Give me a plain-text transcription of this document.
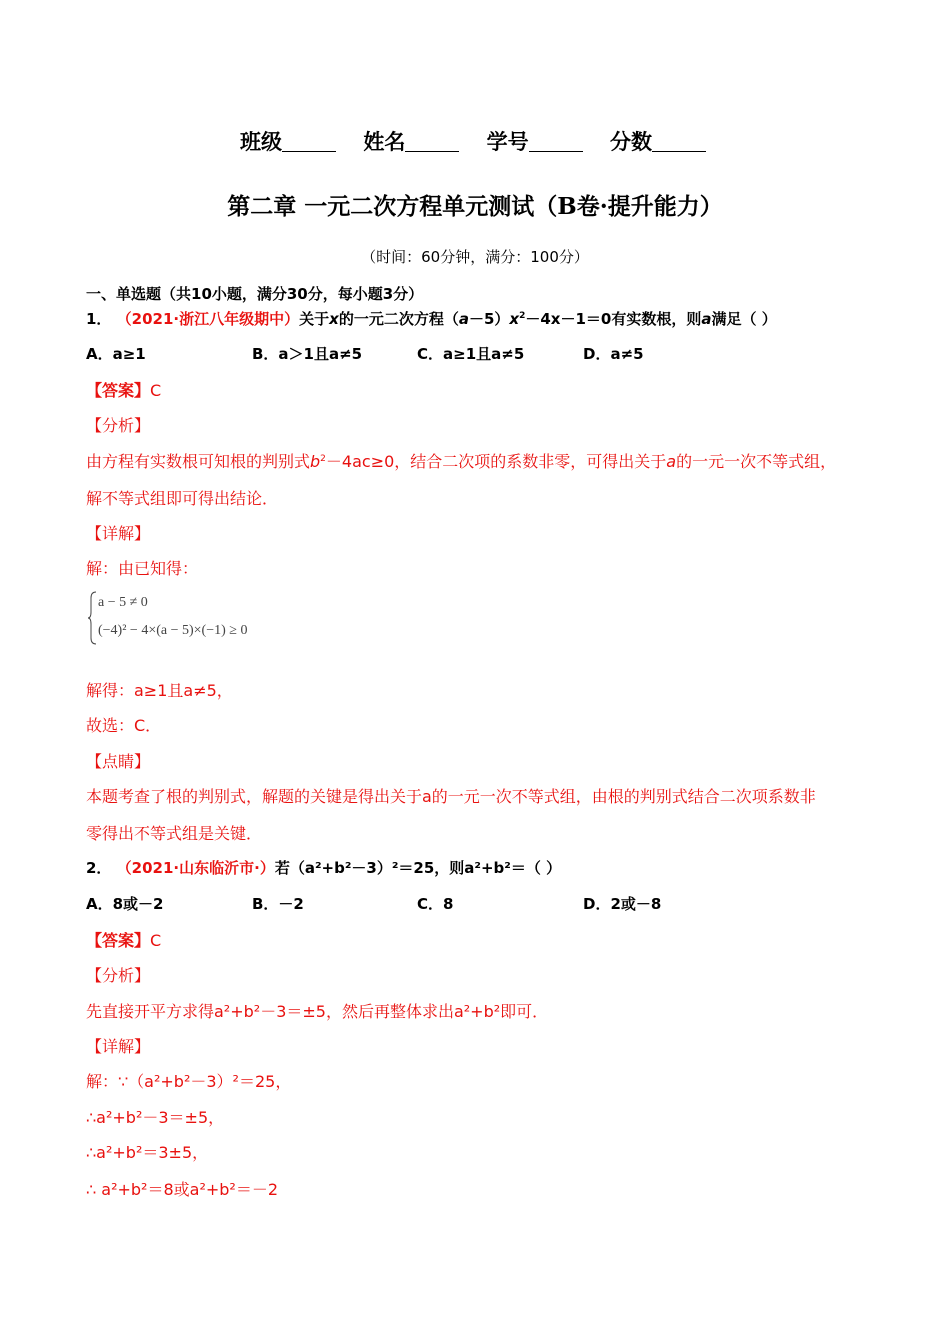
班级	姓名	学号	分数
第二章 一元二次方程单元测试（B卷·提升能力）
（时间：60分钟，满分：100分）
一、单选题（共10小题，满分30分，每小题3分）
1． （2021·浙江八年级期中）关于x的一元二次方程$(a-5)x^2-4x-1=0$有实数根，则a满足（ ）
A．a≥1	B．a＞1且a≠5	C．a≥1且a≠5	D．a≠5
【答案】C
【分析】
由方程有实数根可知根的判别式$b^2-4ac\ge 0$，结合二次项的系数非零，可得出关于a的一元一次不等式组，
解不等式组即可得出结论．
【详解】
解：由已知得：
a − 5 ≠ 0
(−4)² − 4×(a − 5)×(−1) ≥ 0
解得：a≥1且a≠5，
故选：C．
【点睛】
本题考查了根的判别式，解题的关键是得出关于a的一元一次不等式组，由根的判别式结合二次项系数非
零得出不等式组是关键．
2． （2021·山东临沂市·）若（a²+b²－3）²＝25，则a²+b²＝（ ）
A．8或－2	B．－2	C．8	D．2或－8
【答案】C
【分析】
先直接开平方求得a²+b²－3＝±5，然后再整体求出a²+b²即可．
【详解】
解：∵（a²+b²－3）²＝25，
∴a²+b²－3＝±5，
∴a²+b²＝3±5，
∴ a²+b²＝8或a²+b²＝－2
